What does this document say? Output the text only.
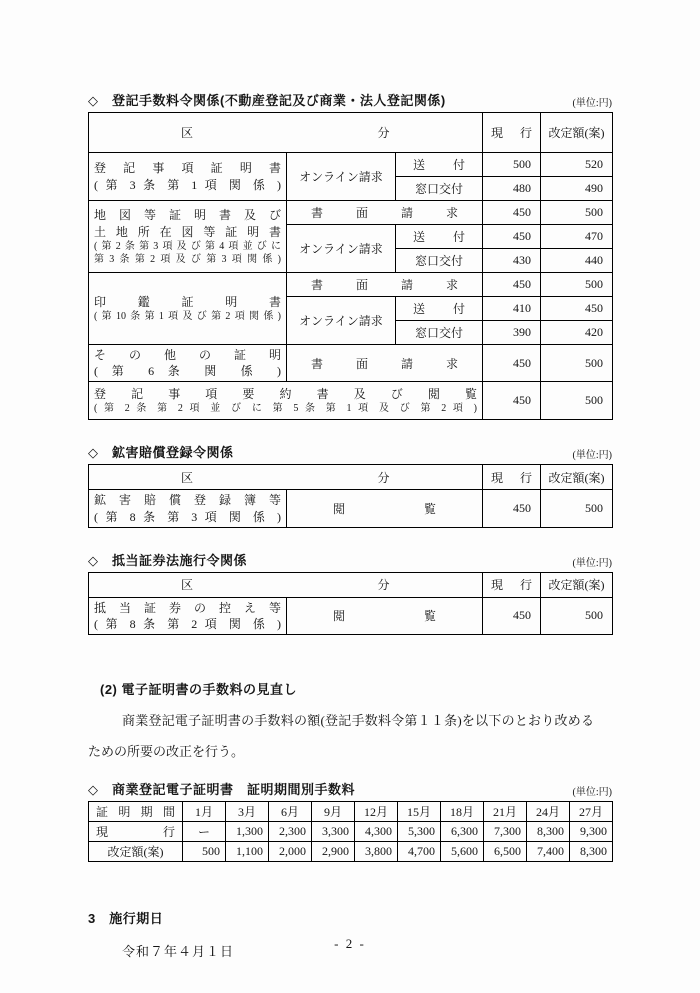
◇　登記手数料令関係(不動産登記及び商業・法人登記関係)	(単位:円)
区 分			現 行	改定額(案)

登 記 事 項 証 明 書
( 第 3 条 第 1 項 関 係 )	オンライン請求	送 付	500	520
		窓口交付	480	490

地 図 等 証 明 書 及 び
土 地 所 在 図 等 証 明 書
(第2条第3項及び第4項並びに
第3条第2項及び第3項関係)	書 面 請 求		450	500
	オンライン請求	送 付	450	470
		窓口交付	430	440

印 鑑 証 明 書
(第10条第1項及び第2項関係)	書 面 請 求		450	500
	オンライン請求	送 付	410	450
		窓口交付	390	420

そ の 他 の 証 明
( 第 6 条 関 係 )	書 面 請 求		450	500

登 記 事 項 要 約 書 及 び 閲 覧
( 第 2 条 第 2 項 並 び に 第 5 条 第 1 項 及 び 第 2 項 )			450	500
◇　鉱害賠償登録令関係	(単位:円)
区 分		現 行	改定額(案)

鉱 害 賠 償 登 録 簿 等
( 第 8 条 第 3 項 関 係 )	閲 覧	450	500
◇　抵当証券法施行令関係	(単位:円)
区 分		現 行	改定額(案)

抵 当 証 券 の 控 え 等
( 第 8 条 第 2 項 関 係 )	閲 覧	450	500
(2) 電子証明書の手数料の見直し

商業登記電子証明書の手数料の額(登記手数料令第１１条)を以下のとおり改めるための所要の改正を行う。

◇　商業登記電子証明書　証明期間別手数料	(単位:円)
証 明 期 間	1月	3月	6月	9月	12月	15月	18月	21月	24月	27月
現 行	ー	1,300	2,300	3,300	4,300	5,300	6,300	7,300	8,300	9,300
改定額(案)	500	1,100	2,000	2,900	3,800	4,700	5,600	6,500	7,400	8,300
3　施行期日

令和７年４月１日

- 2 -
